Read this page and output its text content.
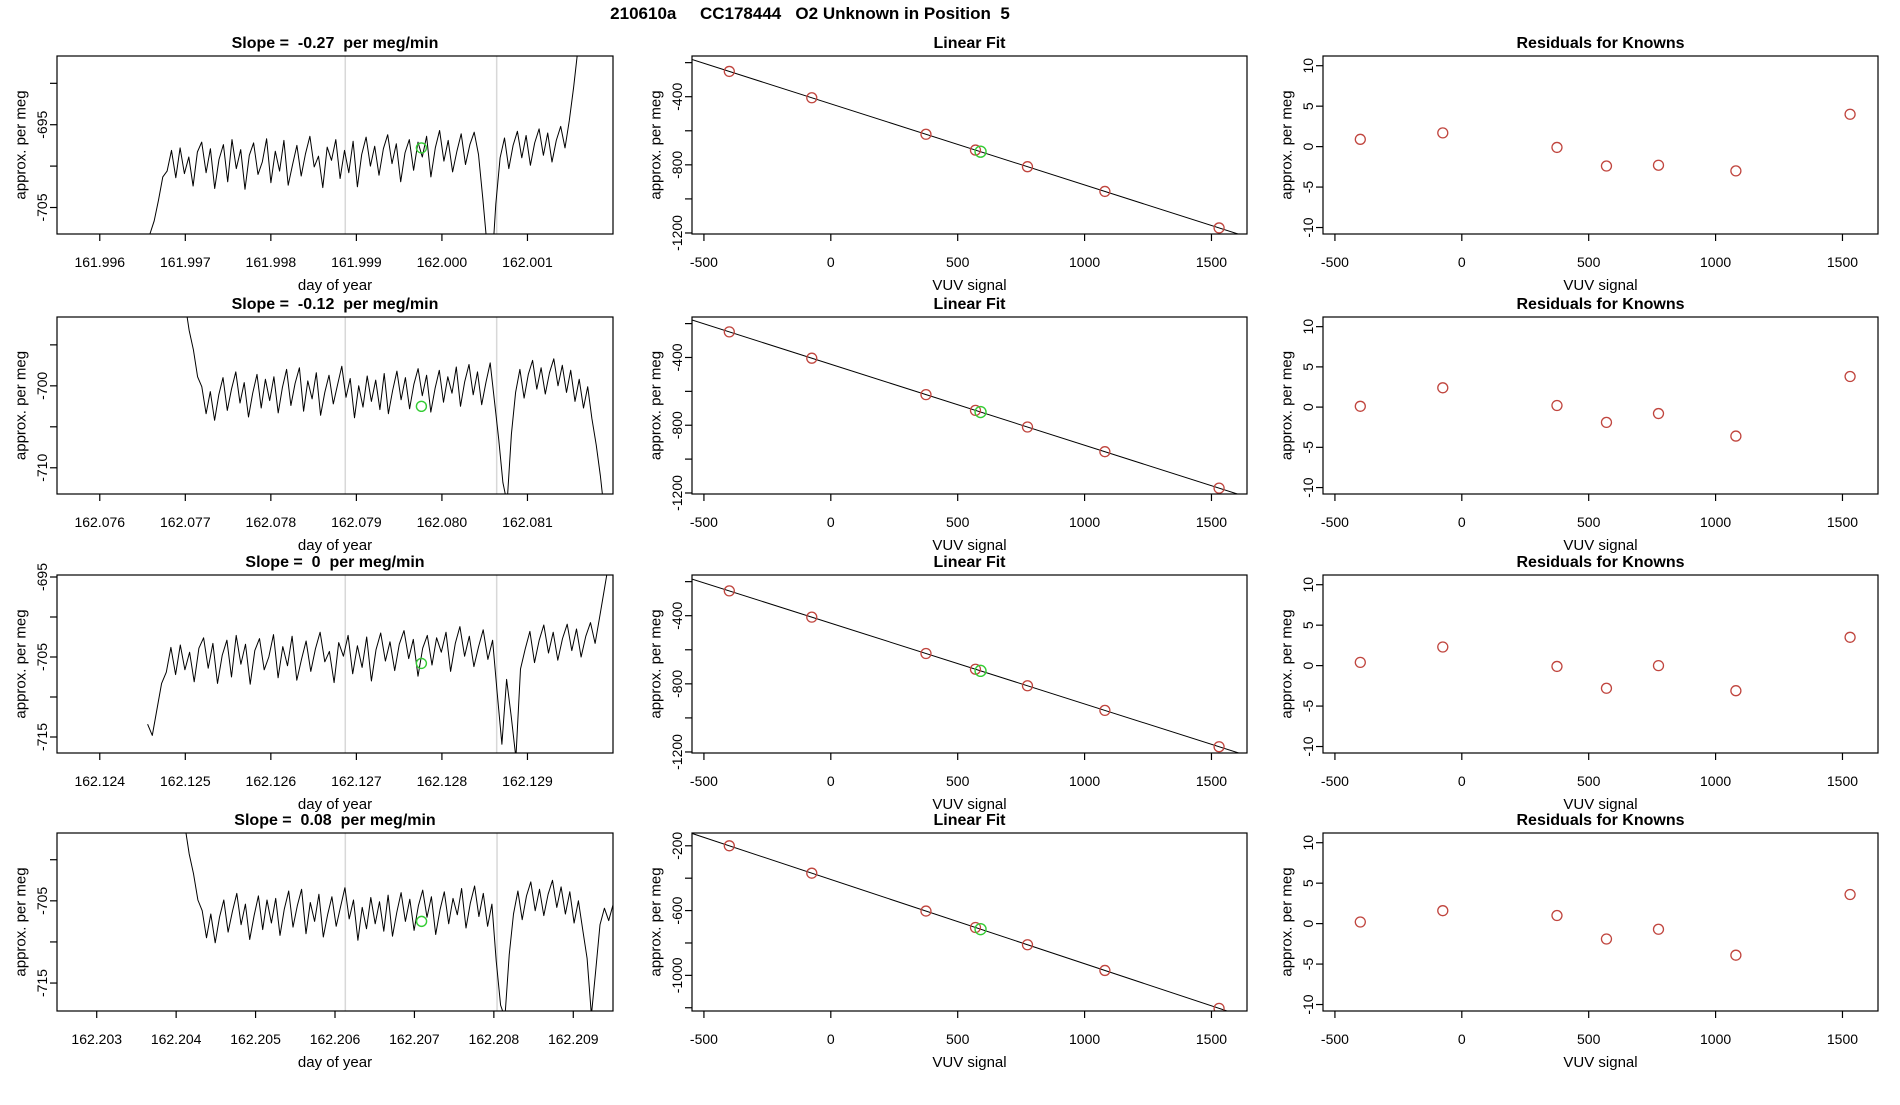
210610a     CC178444   O2 Unknown in Position  5
161.996 161.997 161.998 161.999 162.000 162.001
-705
-695
day of year
approx. per meg
Slope =  -0.27  per meg/min
-500	0	500	1000	1500
-1200
-800
-400
VUV signal
approx. per meg
Linear Fit
-500	0	500	1000	1500
-10
-5
0
5
10
VUV signal
approx. per meg
Residuals for Knowns
162.076 162.077 162.078 162.079 162.080 162.081
-710
-700
day of year
approx. per meg
Slope =  -0.12  per meg/min
-500	0	500	1000	1500
-1200
-800
-400
VUV signal
approx. per meg
Linear Fit
-500	0	500	1000	1500
-10
-5
0
5
10
VUV signal
approx. per meg
Residuals for Knowns
162.124 162.125 162.126 162.127 162.128 162.129
-715
-705
-695
day of year
approx. per meg
Slope =  0  per meg/min
-500	0	500	1000	1500
-1200
-800
-400
VUV signal
approx. per meg
Linear Fit
-500	0	500	1000	1500
-10
-5
0
5
10
VUV signal
approx. per meg
Residuals for Knowns
162.203 162.204 162.205 162.206 162.207 162.208 162.209
-715
-705
day of year
approx. per meg
Slope =  0.08  per meg/min
-500	0	500	1000	1500
-1000
-600
-200
VUV signal
approx. per meg
Linear Fit
-500	0	500	1000	1500
-10
-5
0
5
10
VUV signal
approx. per meg
Residuals for Knowns
